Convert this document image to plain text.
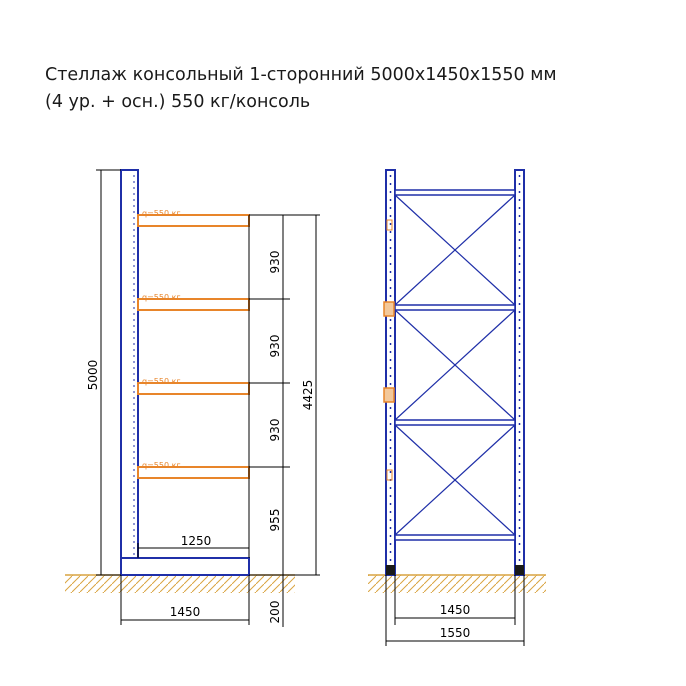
Стеллаж консольный 1-сторонний 5000х1450х1550 мм
(4 ур. + осн.) 550 кг/консоль
q=550 кг
q=550 кг
q=550 кг
q=550 кг
5000
930
930
930
955
200
4425
1250
1450	1450
1550
